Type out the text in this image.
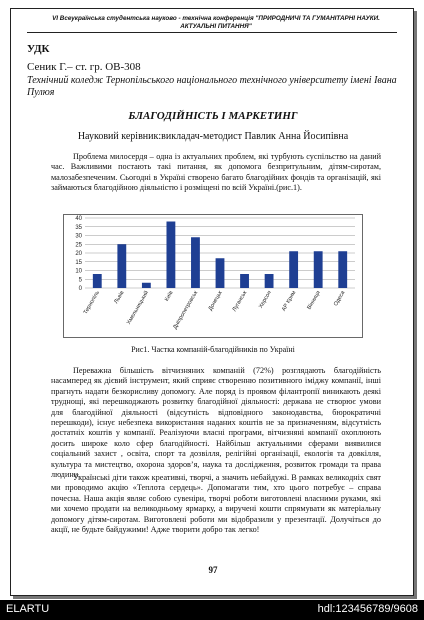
VI Всеукраїнська студентська науково - технічна конференція "ПРИРОДНИЧІ ТА ГУМАНІТАРНІ НАУКИ. АКТУАЛЬНІ ПИТАННЯ"
УДК
Сеник Г.– ст. гр. ОВ-308
Технічний коледж Тернопільського національного технічного університету імені Івана Пулюя
БЛАГОДІЙНІСТЬ І МАРКЕТИНГ
Науковий керівник:викладач-методист Павлик Анна Йосипівна
Проблема милосердя – одна із актуальних проблем, які турбують суспільство на даний час. Важливими постають такі питання, як допомога безпритульним, дітям-сиротам, малозабезпеченим. Сьогодні в Україні створено багато благодійних фондів та організацій, які займаються благодійною діяльністю і розміщені по всій Україні.(рис.1).
0
5
10
15
20
25
30
35
40
Тернопіль Львів Хмельницький Київ
Дніпропетровськ Донецьк Луганськ Херсон АР Крим Вінниця Одеса
Рис1. Частка компаній-благодійників по Україні
Переважна більшість вітчизняних компаній (72%) розглядають благодійність насамперед як дієвий інструмент, який сприяє створенню позитивного іміджу компанії, інші прагнуть надати безкорисливу допомогу. Але поряд із проявом філантропії виникають деякі труднощі, які перешкоджають розвитку благодійної діяльності: держава не створює умови для благодійної діяльності (відсутність відповідного законодавства, бюрократичні перешкоди), існує небезпека використання наданих коштів не за призначенням, відсутність достатніх коштів у компанії. Реалізуючи власні програми, вітчизняні компанії охоплюють досить широке коло сфер благодійності. Найбільш актуальними сферами виявилися соціальний захист , освіта, спорт та дозвілля, релігійні організації, екологія та довкілля, культура та мистецтво, охорона здоров’я, наука та дослідження, розвиток громади та права людини.
Українські діти також креативні, творчі, а значить небайдужі. В рамках великодніх свят ми проводимо акцію «Теплота сердець». Допомагати тим, хто цього потребує – справа почесна. Наша акція являє собою сувеніри, творчі роботи виготовлені власними руками, які ми хочемо продати на великодньому ярмарку, а виручені кошти спрямувати як матеріальну допомогу дітям-сиротам. Виготовлені роботи ми відобразили у презентації. Долучіться до акції, не будьте байдужими! Адже творити добро так легко!
97
ELARTU	hdl:123456789/9608
